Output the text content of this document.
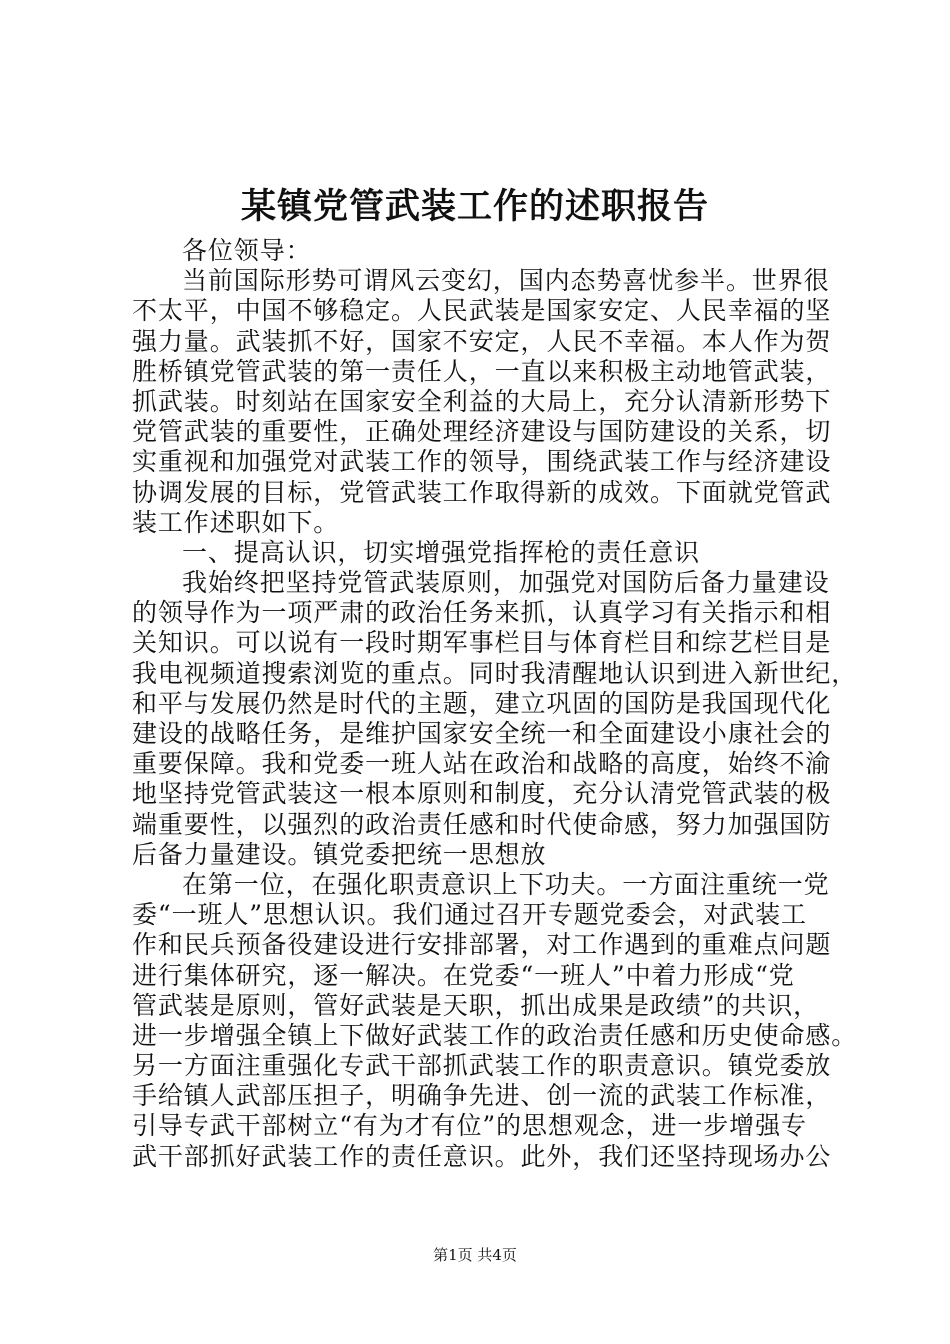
某镇党管武装工作的述职报告
各位领导：
当前国际形势可谓风云变幻，国内态势喜忧参半。世界很
不太平，中国不够稳定。人民武装是国家安定、人民幸福的坚
强力量。武装抓不好，国家不安定，人民不幸福。本人作为贺
胜桥镇党管武装的第一责任人，一直以来积极主动地管武装，
抓武装。时刻站在国家安全利益的大局上，充分认清新形势下
党管武装的重要性，正确处理经济建设与国防建设的关系，切
实重视和加强党对武装工作的领导，围绕武装工作与经济建设
协调发展的目标，党管武装工作取得新的成效。下面就党管武
装工作述职如下。
一、提高认识，切实增强党指挥枪的责任意识
我始终把坚持党管武装原则，加强党对国防后备力量建设
的领导作为一项严肃的政治任务来抓，认真学习有关指示和相
关知识。可以说有一段时期军事栏目与体育栏目和综艺栏目是
我电视频道搜索浏览的重点。同时我清醒地认识到进入新世纪，
和平与发展仍然是时代的主题，建立巩固的国防是我国现代化
建设的战略任务，是维护国家安全统一和全面建设小康社会的
重要保障。我和党委一班人站在政治和战略的高度，始终不渝
地坚持党管武装这一根本原则和制度，充分认清党管武装的极
端重要性，以强烈的政治责任感和时代使命感，努力加强国防
后备力量建设。镇党委把统一思想放
在第一位，在强化职责意识上下功夫。一方面注重统一党
委“一班人”思想认识。我们通过召开专题党委会，对武装工
作和民兵预备役建设进行安排部署，对工作遇到的重难点问题
进行集体研究，逐一解决。在党委“一班人”中着力形成“党
管武装是原则，管好武装是天职，抓出成果是政绩”的共识，
进一步增强全镇上下做好武装工作的政治责任感和历史使命感。
另一方面注重强化专武干部抓武装工作的职责意识。镇党委放
手给镇人武部压担子，明确争先进、创一流的武装工作标准，
引导专武干部树立“有为才有位”的思想观念，进一步增强专
武干部抓好武装工作的责任意识。此外，我们还坚持现场办公
第1页 共4页
